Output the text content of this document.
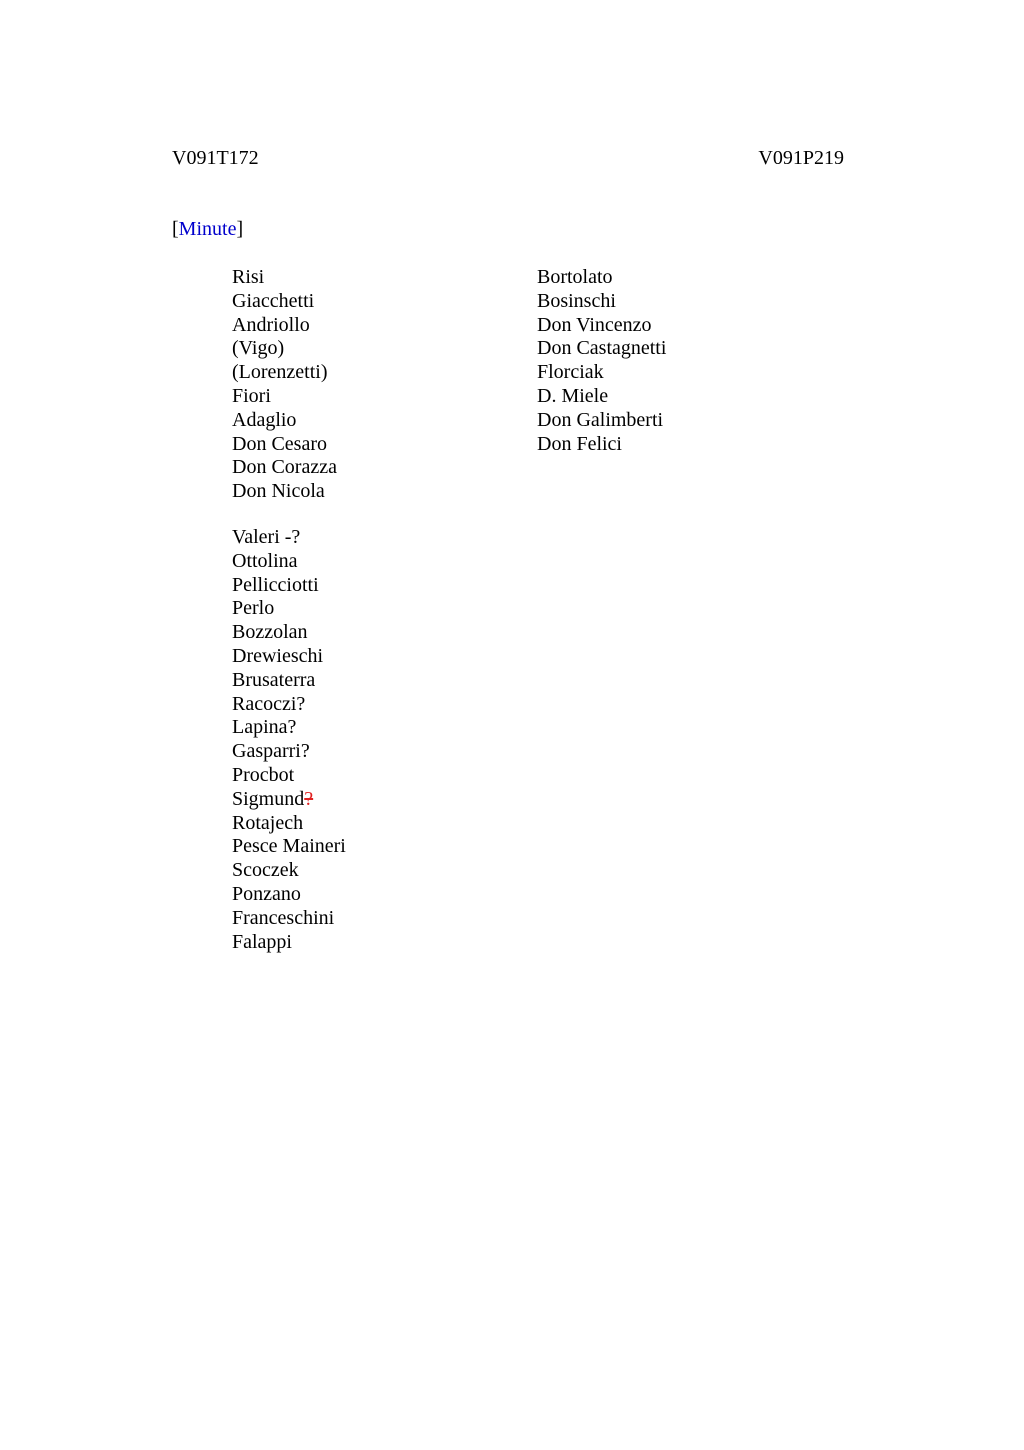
V091T172	V091P219
[Minute]
Risi
Giacchetti
Andriollo
(Vigo)
(Lorenzetti)
Fiori
Adaglio
Don Cesaro
Don Corazza
Don Nicola
Valeri -?
Ottolina
Pellicciotti
Perlo
Bozzolan
Drewieschi
Brusaterra
Racoczi?
Lapina?
Gasparri?
Procbot
Sigmund?
Rotajech
Pesce Maineri
Scoczek
Ponzano
Franceschini
Falappi
Bortolato
Bosinschi
Don Vincenzo
Don Castagnetti
Florciak
D. Miele
Don Galimberti
Don Felici
